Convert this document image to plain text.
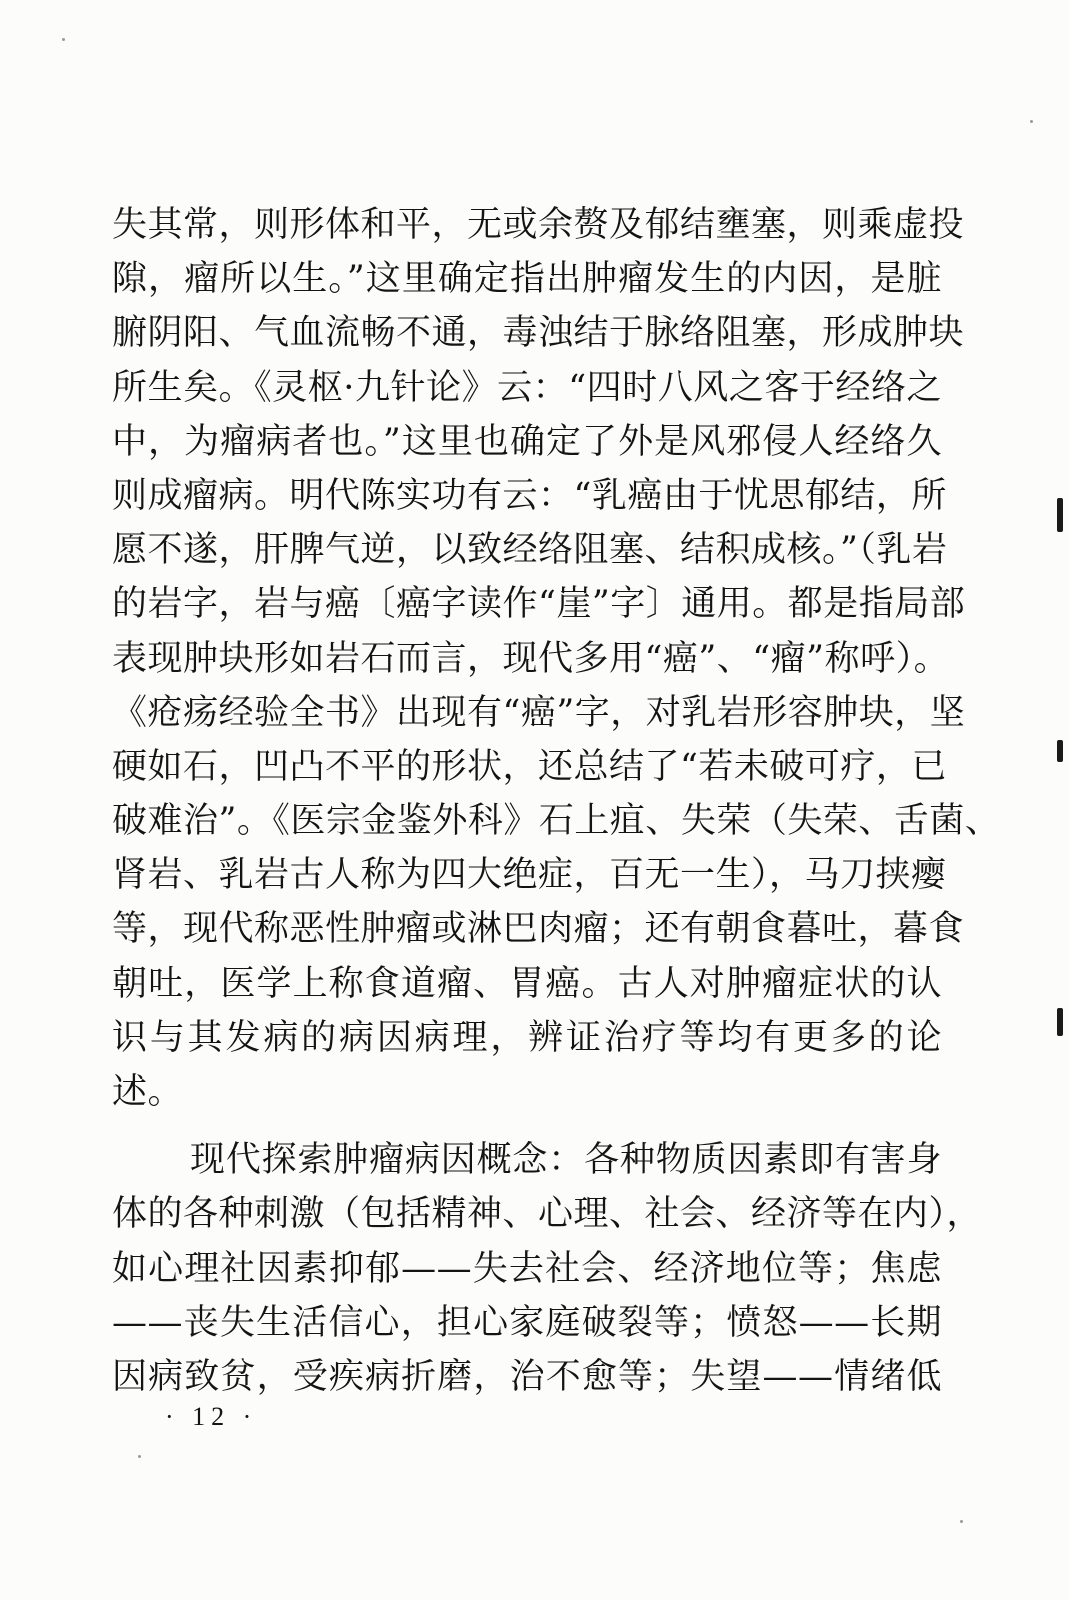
失其常，则形体和平，无或余赘及郁结壅塞，则乘虚投
隙，瘤所以生。”这里确定指出肿瘤发生的内因，是脏
腑阴阳、气血流畅不通，毒浊结于脉络阻塞，形成肿块
所生矣。《灵枢·九针论》云：“四时八风之客于经络之
中，为瘤病者也。”这里也确定了外是风邪侵人经络久
则成瘤病。明代陈实功有云：“乳癌由于忧思郁结，所
愿不遂，肝脾气逆，以致经络阻塞、结积成核。”（乳岩
的岩字，岩与癌〔癌字读作“崖”字〕通用。都是指局部
表现肿块形如岩石而言，现代多用“癌”、“瘤”称呼）。
《疮疡经验全书》出现有“癌”字，对乳岩形容肿块，坚
硬如石，凹凸不平的形状，还总结了“若未破可疗，已
破难治”。《医宗金鉴外科》石上疽、失荣（失荣、舌菌、
肾岩、乳岩古人称为四大绝症，百无一生），马刀挟瘿
等，现代称恶性肿瘤或淋巴肉瘤；还有朝食暮吐，暮食
朝吐，医学上称食道瘤、胃癌。古人对肿瘤症状的认
识与其发病的病因病理，辨证治疗等均有更多的论
述。
现代探索肿瘤病因概念：各种物质因素即有害身
体的各种刺激（包括精神、心理、社会、经济等在内），
如心理社因素抑郁——失去社会、经济地位等；焦虑
——丧失生活信心，担心家庭破裂等；愤怒——长期
因病致贫，受疾病折磨，治不愈等；失望——情绪低
· 12 ·
